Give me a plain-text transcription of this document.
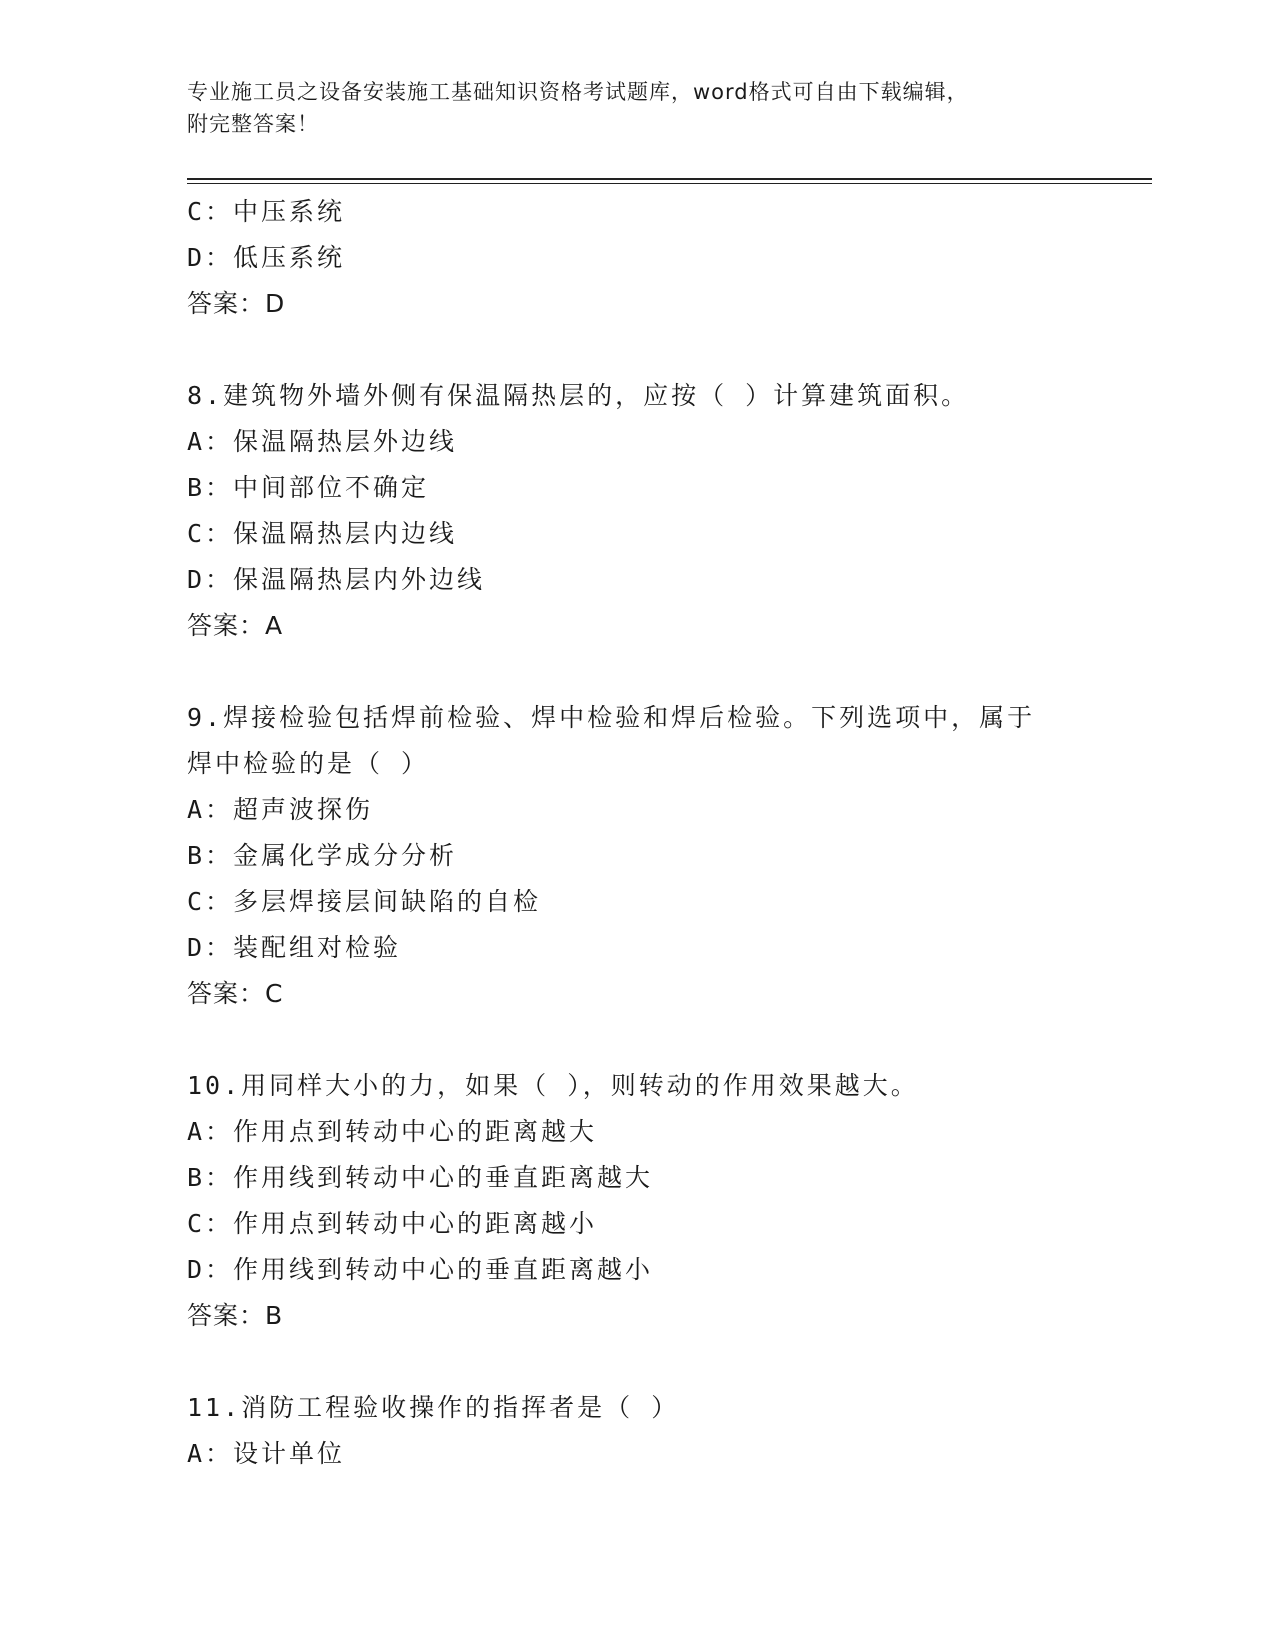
专业施工员之设备安装施工基础知识资格考试题库，word格式可自由下载编辑，
附完整答案！
C：中压系统
D：低压系统
答案：D
8.建筑物外墙外侧有保温隔热层的，应按（ ）计算建筑面积。
A：保温隔热层外边线
B：中间部位不确定
C：保温隔热层内边线
D：保温隔热层内外边线
答案：A
9.焊接检验包括焊前检验、焊中检验和焊后检验。下列选项中，属于
焊中检验的是（ ）
A：超声波探伤
B：金属化学成分分析
C：多层焊接层间缺陷的自检
D：装配组对检验
答案：C
10.用同样大小的力，如果（ ），则转动的作用效果越大。
A：作用点到转动中心的距离越大
B：作用线到转动中心的垂直距离越大
C：作用点到转动中心的距离越小
D：作用线到转动中心的垂直距离越小
答案：B
11.消防工程验收操作的指挥者是（ ）
A：设计单位
